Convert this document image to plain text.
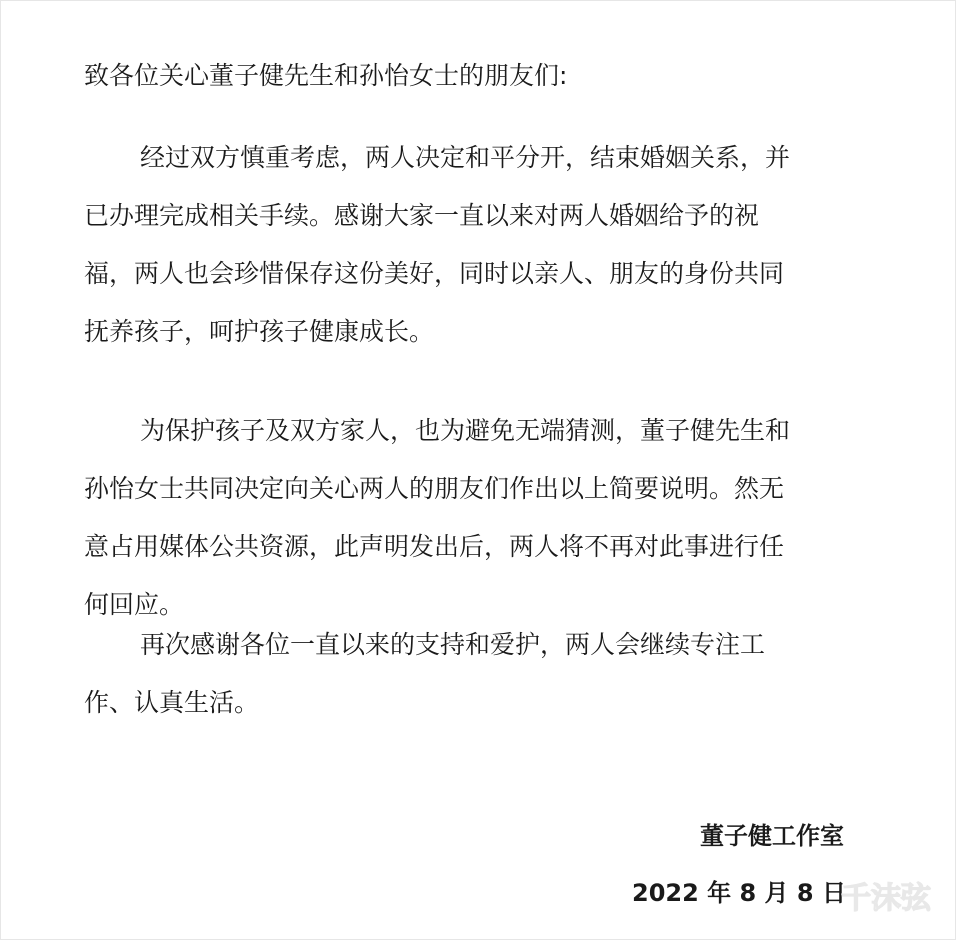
致各位关心董子健先生和孙怡女士的朋友们:

经过双方慎重考虑，两人决定和平分开，结束婚姻关系，并已办理完成相关手续。感谢大家一直以来对两人婚姻给予的祝福，两人也会珍惜保存这份美好，同时以亲人、朋友的身份共同抚养孩子，呵护孩子健康成长。

为保护孩子及双方家人，也为避免无端猜测，董子健先生和孙怡女士共同决定向关心两人的朋友们作出以上简要说明。然无意占用媒体公共资源，此声明发出后，两人将不再对此事进行任何回应。

再次感谢各位一直以来的支持和爱护，两人会继续专注工作、认真生活。

董子健工作室
2022 年 8 月 8 日
千沫弦
